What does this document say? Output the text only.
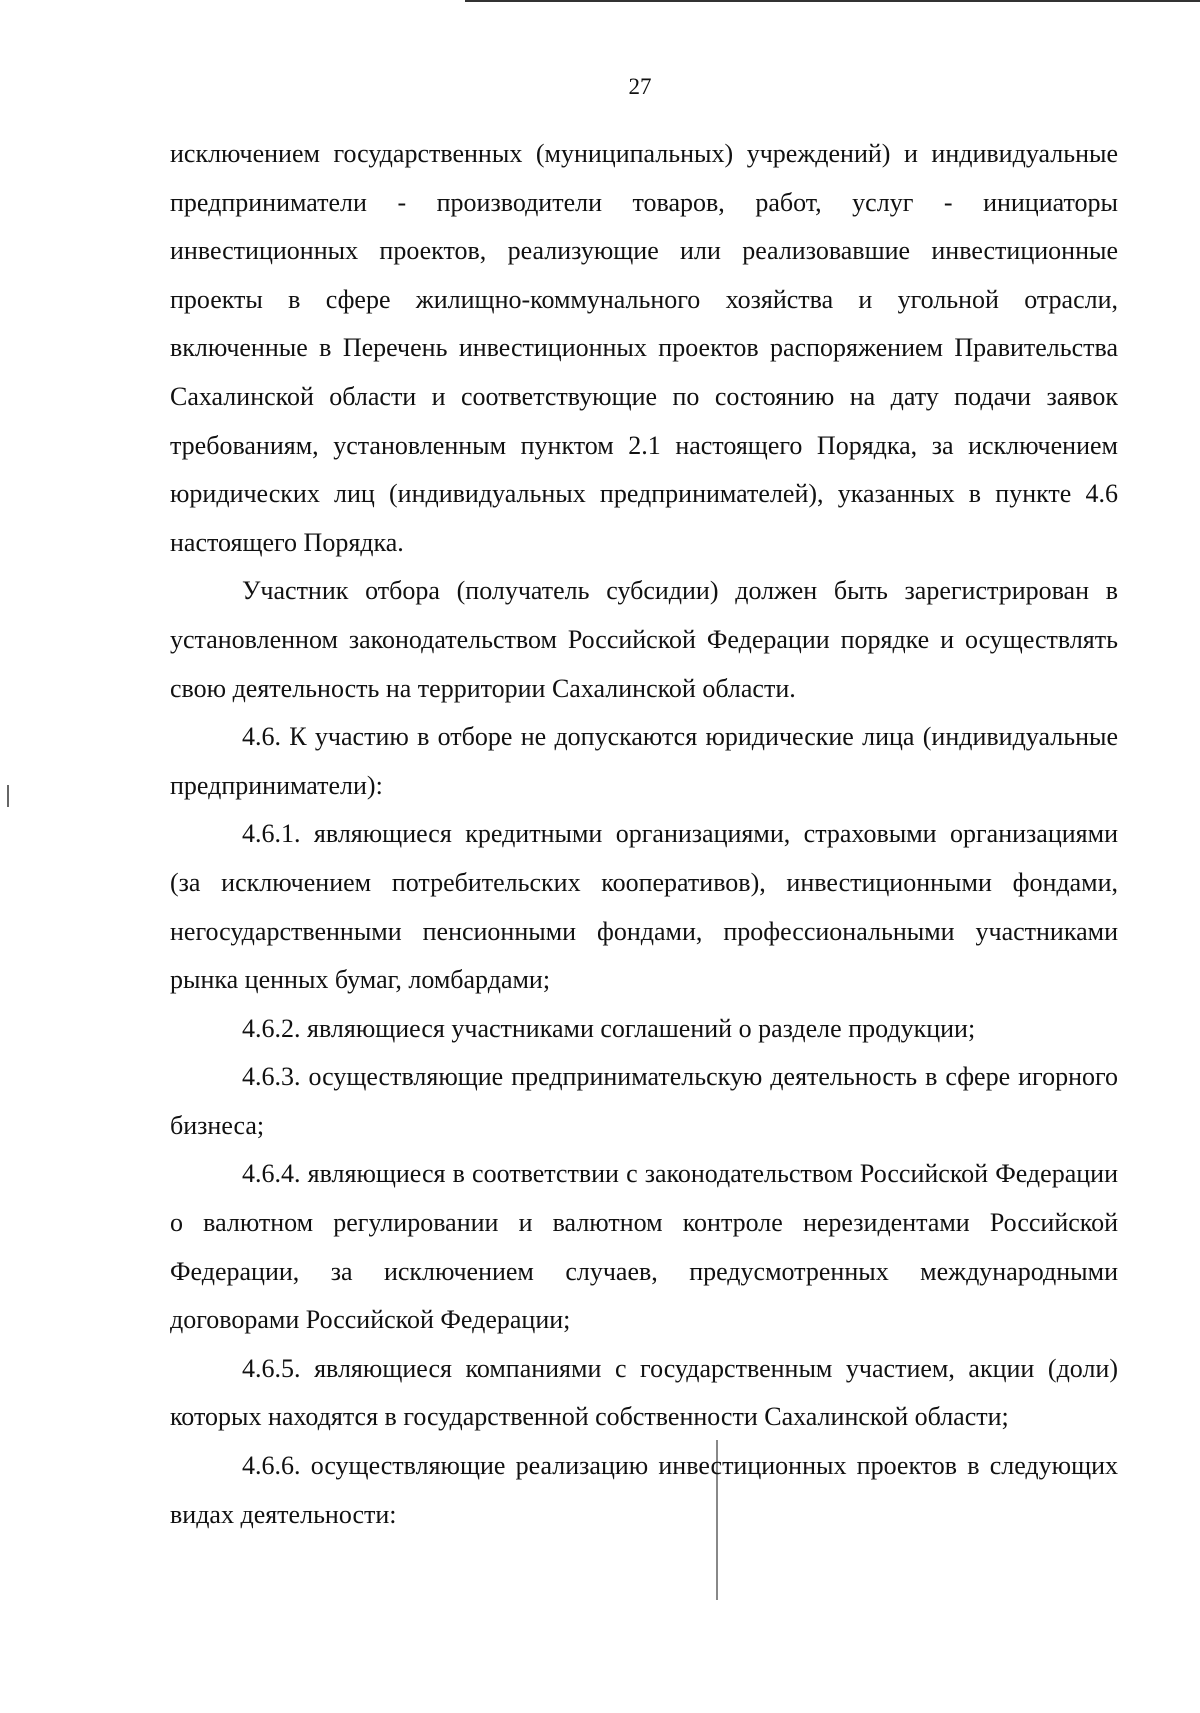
27

исключением государственных (муниципальных) учреждений) и индивидуальные предприниматели - производители товаров, работ, услуг - инициаторы инвестиционных проектов, реализующие или реализовавшие инвестиционные проекты в сфере жилищно-коммунального хозяйства и угольной отрасли, включенные в Перечень инвестиционных проектов распоряжением Правительства Сахалинской области и соответствующие по состоянию на дату подачи заявок требованиям, установленным пунктом 2.1 настоящего Порядка, за исключением юридических лиц (индивидуальных предпринимателей), указанных в пункте 4.6 настоящего Порядка.

Участник отбора (получатель субсидии) должен быть зарегистрирован в установленном законодательством Российской Федерации порядке и осуществлять свою деятельность на территории Сахалинской области.

4.6. К участию в отборе не допускаются юридические лица (индивидуальные предприниматели):

4.6.1. являющиеся кредитными организациями, страховыми организациями (за исключением потребительских кооперативов), инвестиционными фондами, негосударственными пенсионными фондами, профессиональными участниками рынка ценных бумаг, ломбардами;

4.6.2. являющиеся участниками соглашений о разделе продукции;

4.6.3. осуществляющие предпринимательскую деятельность в сфере игорного бизнеса;

4.6.4. являющиеся в соответствии с законодательством Российской Федерации о валютном регулировании и валютном контроле нерезидентами Российской Федерации, за исключением случаев, предусмотренных международными договорами Российской Федерации;

4.6.5. являющиеся компаниями с государственным участием, акции (доли) которых находятся в государственной собственности Сахалинской области;

4.6.6. осуществляющие реализацию инвестиционных проектов в следующих видах деятельности:
